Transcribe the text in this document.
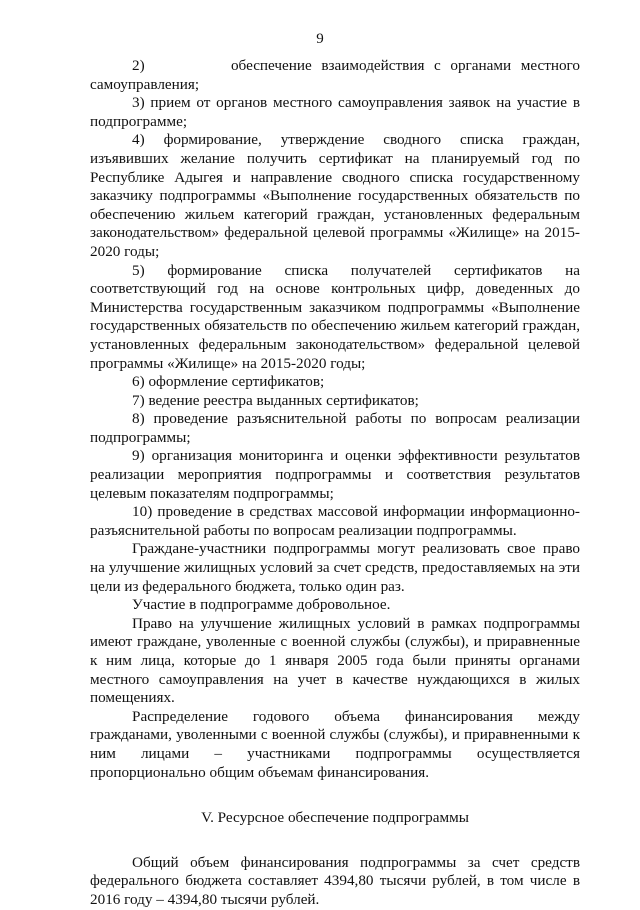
9

2)         обеспечение взаимодействия с органами местного самоуправления;

3) прием от органов местного самоуправления заявок на участие в подпрограмме;

4) формирование, утверждение сводного списка граждан, изъявивших желание получить сертификат на планируемый год по Республике Адыгея и направление сводного списка государственному заказчику подпрограммы «Выполнение государственных обязательств по обеспечению жильем категорий граждан, установленных федеральным законодательством» федеральной целевой программы «Жилище» на 2015-2020 годы;

5) формирование списка получателей сертификатов на соответствующий год на основе контрольных цифр, доведенных до Министерства государственным заказчиком подпрограммы «Выполнение государственных обязательств по обеспечению жильем категорий граждан, установленных федеральным законодательством» федеральной целевой программы «Жилище» на 2015-2020 годы;

6) оформление сертификатов;

7) ведение реестра выданных сертификатов;

8) проведение разъяснительной работы по вопросам реализации подпрограммы;

9) организация мониторинга и оценки эффективности результатов реализации мероприятия подпрограммы и соответствия результатов целевым показателям подпрограммы;

10) проведение в средствах массовой информации информационно-разъяснительной работы по вопросам реализации подпрограммы.

Граждане-участники подпрограммы могут реализовать свое право на улучшение жилищных условий за счет средств, предоставляемых на эти цели из федерального бюджета, только один раз.

Участие в подпрограмме добровольное.

Право на улучшение жилищных условий в рамках подпрограммы имеют граждане, уволенные с военной службы (службы), и приравненные к ним лица, которые до 1 января 2005 года были приняты органами местного самоуправления на учет в качестве нуждающихся в жилых помещениях.

Распределение годового объема финансирования между гражданами, уволенными с военной службы (службы), и приравненными к ним лицами – участниками подпрограммы осуществляется пропорционально общим объемам финансирования.

V. Ресурсное обеспечение подпрограммы

Общий объем финансирования подпрограммы за счет средств федерального бюджета составляет 4394,80 тысячи рублей, в том числе в 2016 году – 4394,80 тысячи рублей.
